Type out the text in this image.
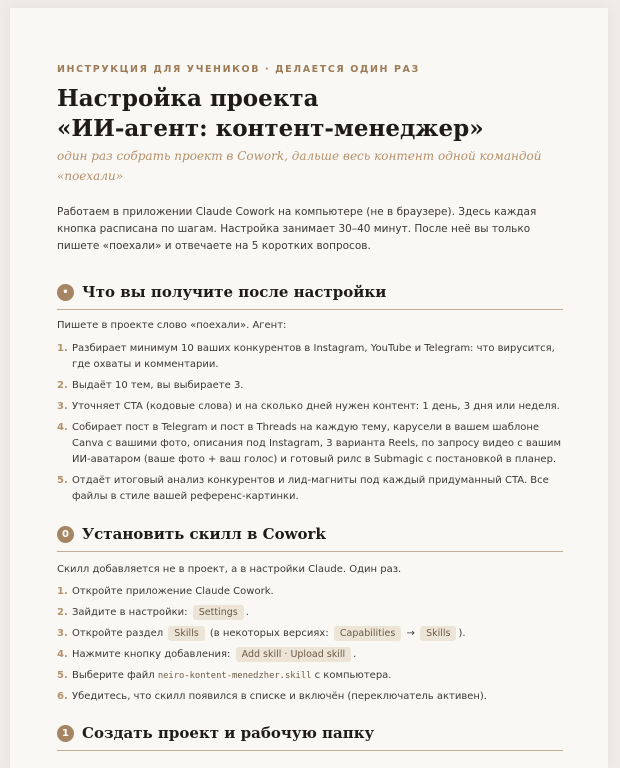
ИНСТРУКЦИЯ ДЛЯ УЧЕНИКОВ · ДЕЛАЕТСЯ ОДИН РАЗ
Настройка проекта
«ИИ-агент: контент-менеджер»
один раз собрать проект в Cowork, дальше весь контент одной командой «поехали»
Работаем в приложении Claude Cowork на компьютере (не в браузере). Здесь каждая кнопка расписана по шагам. Настройка занимает 30–40 минут. После неё вы только пишете «поехали» и отвечаете на 5 коротких вопросов.
• Что вы получите после настройки
Пишете в проекте слово «поехали». Агент:
1. Разбирает минимум 10 ваших конкурентов в Instagram, YouTube и Telegram: что вирусится, где охваты и комментарии.
2. Выдаёт 10 тем, вы выбираете 3.
3. Уточняет CTA (кодовые слова) и на сколько дней нужен контент: 1 день, 3 дня или неделя.
4. Собирает пост в Telegram и пост в Threads на каждую тему, карусели в вашем шаблоне Canva с вашими фото, описания под Instagram, 3 варианта Reels, по запросу видео с вашим ИИ-аватаром (ваше фото + ваш голос) и готовый рилс в Submagic с постановкой в планер.
5. Отдаёт итоговый анализ конкурентов и лид-магниты под каждый придуманный CTA. Все файлы в стиле вашей референс-картинки.
0 Установить скилл в Cowork
Скилл добавляется не в проект, а в настройки Claude. Один раз.
1. Откройте приложение Claude Cowork.
2. Зайдите в настройки: Settings .
3. Откройте раздел Skills (в некоторых версиях: Capabilities → Skills ).
4. Нажмите кнопку добавления: Add skill · Upload skill .
5. Выберите файл neiro-kontent-menedzher.skill с компьютера.
6. Убедитесь, что скилл появился в списке и включён (переключатель активен).
1 Создать проект и рабочую папку
